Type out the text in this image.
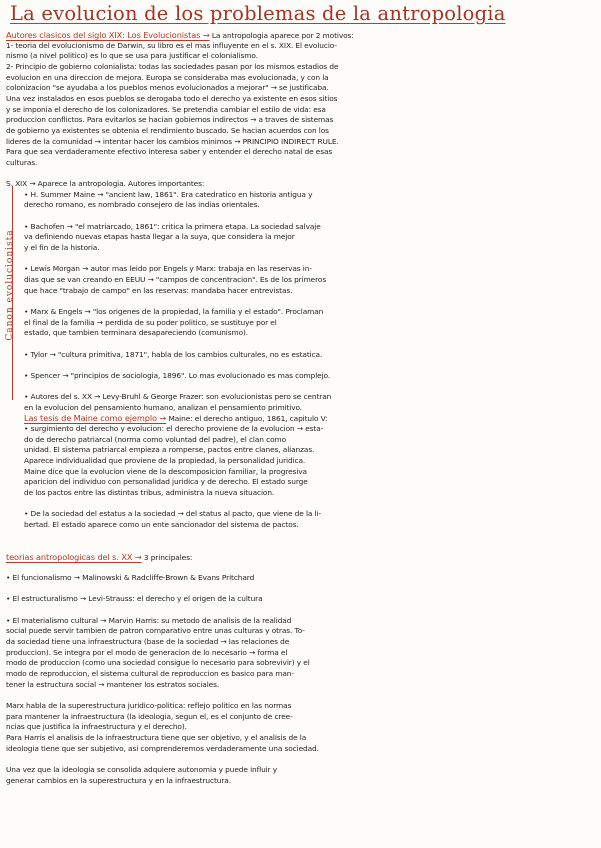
La evolucion de los problemas de la antropologia
Canon evolucionista
Autores clasicos del siglo XIX: Los Evolucionistas → La antropologia aparece por 2 motivos:
1- teoria del evolucionismo de Darwin, su libro es el mas influyente en el s. XIX. El evolucio-
nismo (a nivel politico) es lo que se usa para justificar el colonialismo.
2- Principio de gobierno colonialista: todas las sociedades pasan por los mismos estadios de
evolucion en una direccion de mejora. Europa se consideraba mas evolucionada, y con la
colonizacion "se ayudaba a los pueblos menos evolucionados a mejorar" → se justificaba.
Una vez instalados en esos pueblos se derogaba todo el derecho ya existente en esos sitios
y se imponia el derecho de los colonizadores. Se pretendia cambiar el estilo de vida: esa
produccion conflictos. Para evitarlos se hacian gobiernos indirectos → a traves de sistemas
de gobierno ya existentes se obtenia el rendimiento buscado. Se hacian acuerdos con los
lideres de la comunidad → intentar hacer los cambios minimos → PRINCIPIO INDIRECT RULE.
Para que sea verdaderamente efectivo interesa saber y entender el derecho natal de esas
culturas.
S. XIX → Aparece la antropologia. Autores importantes:
• H. Summer Maine → "ancient law, 1861". Era catedratico en historia antigua y
derecho romano, es nombrado consejero de las indias orientales.
• Bachofen → "el matriarcado, 1861": critica la primera etapa. La sociedad salvaje
va definiendo nuevas etapas hasta llegar a la suya, que considera la mejor
y el fin de la historia.
• Lewis Morgan → autor mas leido por Engels y Marx: trabaja en las reservas in-
dias que se van creando en EEUU → "campos de concentracion". Es de los primeros
que hace "trabajo de campo" en las reservas: mandaba hacer entrevistas.
• Marx & Engels → "los origenes de la propiedad, la familia y el estado". Proclaman
el final de la familia → perdida de su poder politico, se sustituye por el
estado, que tambien terminara desapareciendo (comunismo).
• Tylor → "cultura primitiva, 1871", habla de los cambios culturales, no es estatica.
• Spencer → "principios de sociologia, 1896". Lo mas evolucionado es mas complejo.
• Autores del s. XX → Levy-Bruhl & George Frazer: son evolucionistas pero se centran
en la evolucion del pensamiento humano, analizan el pensamiento primitivo.
Las tesis de Maine como ejemplo → Maine: el derecho antiguo, 1861, capitulo V:
• surgimiento del derecho y evolucion: el derecho proviene de la evolucion → esta-
do de derecho patriarcal (norma como voluntad del padre), el clan como
unidad. El sistema patriarcal empieza a romperse, pactos entre clanes, alianzas.
Aparece individualidad que proviene de la propiedad, la personalidad juridica.
Maine dice que la evolucion viene de la descomposicion familiar, la progresiva
aparicion del individuo con personalidad juridica y de derecho. El estado surge
de los pactos entre las distintas tribus, administra la nueva situacion.
• De la sociedad del estatus a la sociedad → del status al pacto, que viene de la li-
bertad. El estado aparece como un ente sancionador del sistema de pactos.
teorias antropologicas del s. XX → 3 principales:
• El funcionalismo → Malinowski & Radcliffe-Brown & Evans Pritchard
• El estructuralismo → Levi-Strauss: el derecho y el origen de la cultura
• El materialismo cultural → Marvin Harris: su metodo de analisis de la realidad
social puede servir tambien de patron comparativo entre unas culturas y otras. To-
da sociedad tiene una infraestructura (base de la sociedad → las relaciones de
produccion). Se integra por el modo de generacion de lo necesario → forma el
modo de produccion (como una sociedad consigue lo necesario para sobrevivir) y el
modo de reproduccion, el sistema cultural de reproduccion es basico para man-
tener la estructura social → mantener los estratos sociales.
Marx habla de la superestructura juridico-politica: reflejo politico en las normas
para mantener la infraestructura (la ideologia, segun el, es el conjunto de cree-
ncias que justifica la infraestructura y el derecho).
Para Harris el analisis de la infraestructura tiene que ser objetivo, y el analisis de la
ideologia tiene que ser subjetivo, asi comprenderemos verdaderamente una sociedad.
Una vez que la ideologia se consolida adquiere autonomia y puede influir y
generar cambios en la superestructura y en la infraestructura.
